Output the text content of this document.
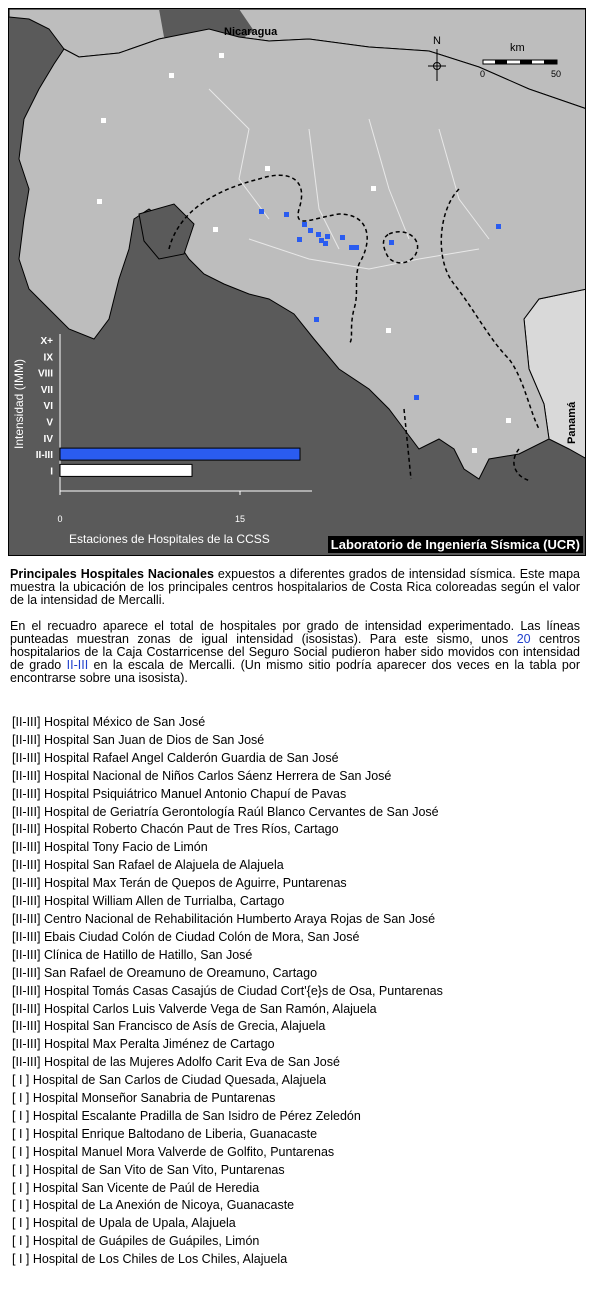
Nicaragua
Panamá
N
km
0	50
Intensidad (IMM)
X+
IX
VIII
VII
VI
V
IV
II-III
I
0	15
Estaciones de Hospitales de la CCSS	Laboratorio de Ingeniería Sísmica (UCR)

Principales Hospitales Nacionales expuestos a diferentes grados de intensidad sísmica. Este mapa muestra la ubicación de los principales centros hospitalarios de Costa Rica coloreadas según el valor de la intensidad de Mercalli.

En el recuadro aparece el total de hospitales por grado de intensidad experimentado. Las líneas punteadas muestran zonas de igual intensidad (isosistas). Para este sismo, unos 20 centros hospitalarios de la Caja Costarricense del Seguro Social pudieron haber sido movidos con intensidad de grado II-III en la escala de Mercalli. (Un mismo sitio podría aparecer dos veces en la tabla por encontrarse sobre una isosista).

[II-III] Hospital México de San José
[II-III] Hospital San Juan de Dios de San José
[II-III] Hospital Rafael Angel Calderón Guardia de San José
[II-III] Hospital Nacional de Niños Carlos Sáenz Herrera de San José
[II-III] Hospital Psiquiátrico Manuel Antonio Chapuí de Pavas
[II-III] Hospital de Geriatría Gerontología Raúl Blanco Cervantes de San José
[II-III] Hospital Roberto Chacón Paut de Tres Ríos, Cartago
[II-III] Hospital Tony Facio de Limón
[II-III] Hospital San Rafael de Alajuela de Alajuela
[II-III] Hospital Max Terán de Quepos de Aguirre, Puntarenas
[II-III] Hospital William Allen de Turrialba, Cartago
[II-III] Centro Nacional de Rehabilitación Humberto Araya Rojas de San José
[II-III] Ebais Ciudad Colón de Ciudad Colón de Mora, San José
[II-III] Clínica de Hatillo de Hatillo, San José
[II-III] San Rafael de Oreamuno de Oreamuno, Cartago
[II-III] Hospital Tomás Casas Casajús de Ciudad Cort'{e}s de Osa, Puntarenas
[II-III] Hospital Carlos Luis Valverde Vega de San Ramón, Alajuela
[II-III] Hospital San Francisco de Asís de Grecia, Alajuela
[II-III] Hospital Max Peralta Jiménez de Cartago
[II-III] Hospital de las Mujeres Adolfo Carit Eva de San José
[ I ] Hospital de San Carlos de Ciudad Quesada, Alajuela
[ I ] Hospital Monseñor Sanabria de Puntarenas
[ I ] Hospital Escalante Pradilla de San Isidro de Pérez Zeledón
[ I ] Hospital Enrique Baltodano de Liberia, Guanacaste
[ I ] Hospital Manuel Mora Valverde de Golfito, Puntarenas
[ I ] Hospital de San Vito de San Vito, Puntarenas
[ I ] Hospital San Vicente de Paúl de Heredia
[ I ] Hospital de La Anexión de Nicoya, Guanacaste
[ I ] Hospital de Upala de Upala, Alajuela
[ I ] Hospital de Guápiles de Guápiles, Limón
[ I ] Hospital de Los Chiles de Los Chiles, Alajuela
